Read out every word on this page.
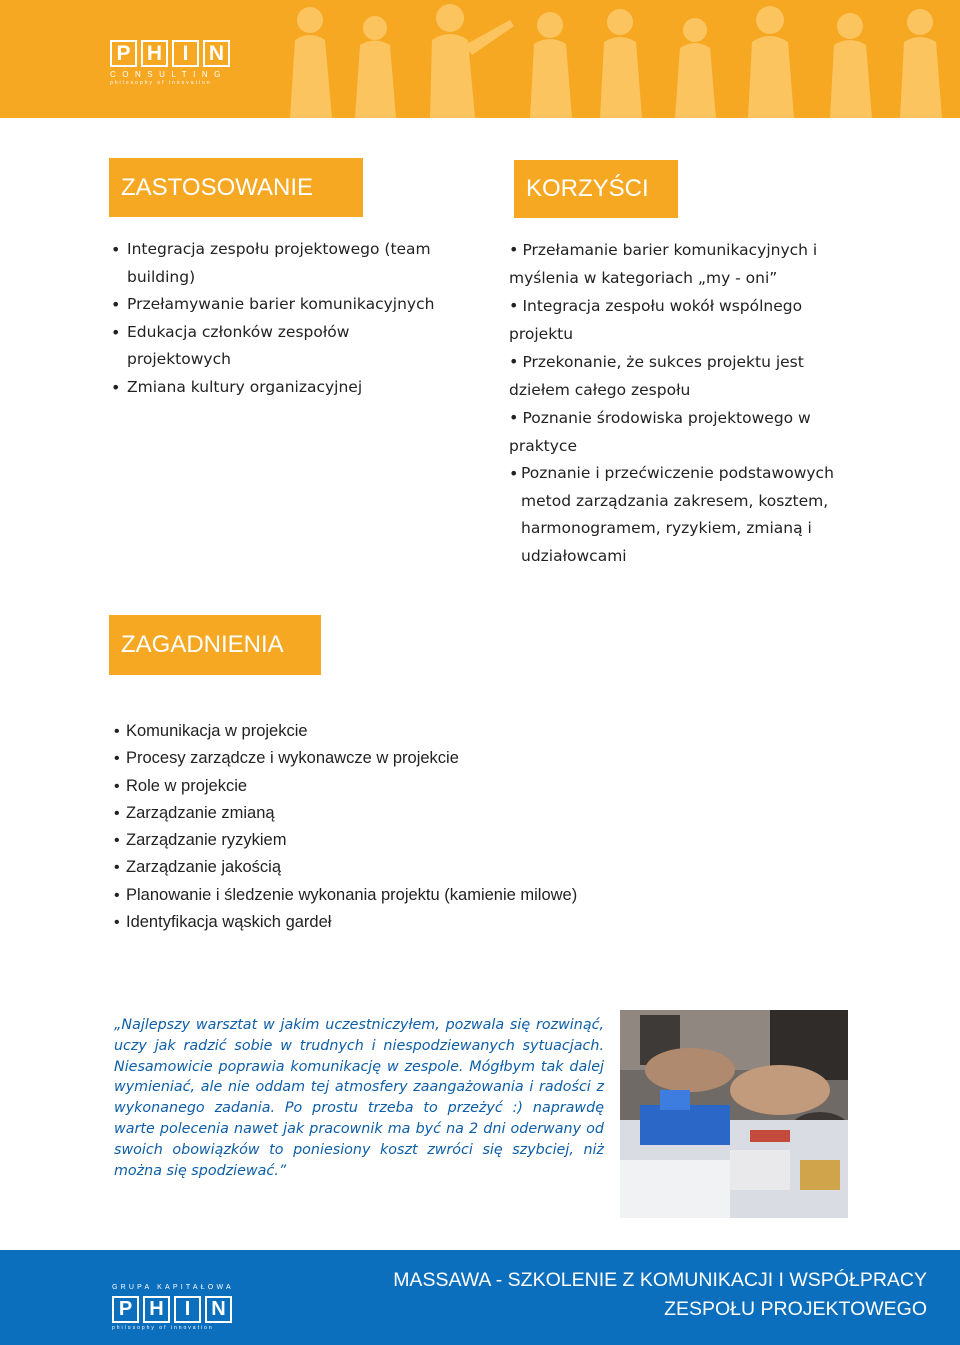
P H I N
CONSULTING
philosophy of innovation
ZASTOSOWANIE
• Integracja zespołu projektowego (team building)
• Przełamywanie barier komunikacyjnych
• Edukacja członków zespołów projektowych
• Zmiana kultury organizacyjnej
KORZYŚCI
• Przełamanie barier komunikacyjnych i myślenia w kategoriach „my - oni”
• Integracja zespołu wokół wspólnego projektu
• Przekonanie, że sukces projektu jest dziełem całego zespołu
• Poznanie środowiska projektowego w praktyce
• Poznanie i przećwiczenie podstawowych metod zarządzania zakresem, kosztem, harmonogramem, ryzykiem, zmianą i udziałowcami
ZAGADNIENIA
• Komunikacja w projekcie
• Procesy zarządcze i wykonawcze w projekcie
• Role w projekcie
• Zarządzanie zmianą
• Zarządzanie ryzykiem
• Zarządzanie jakością
• Planowanie i śledzenie wykonania projektu (kamienie milowe)
• Identyfikacja wąskich gardeł

„Najlepszy warsztat w jakim uczestniczyłem, pozwala się rozwinąć, uczy jak radzić sobie w trudnych i niespodziewanych sytuacjach. Niesamowicie poprawia komunikację w zespole. Mógłbym tak dalej wymieniać, ale nie oddam tej atmosfery zaangażowania i radości z wykonanego zadania. Po prostu trzeba to przeżyć :) naprawdę warte polecenia nawet jak pracownik ma być na 2 dni oderwany od swoich obowiązków to poniesiony koszt zwróci się szybciej, niż można się spodziewać.”

GRUPA KAPITAŁOWA
P H	I	N
philosophy of innovation
MASSAWA - SZKOLENIE Z KOMUNIKACJI I WSPÓŁPRACY
ZESPOŁU PROJEKTOWEGO
